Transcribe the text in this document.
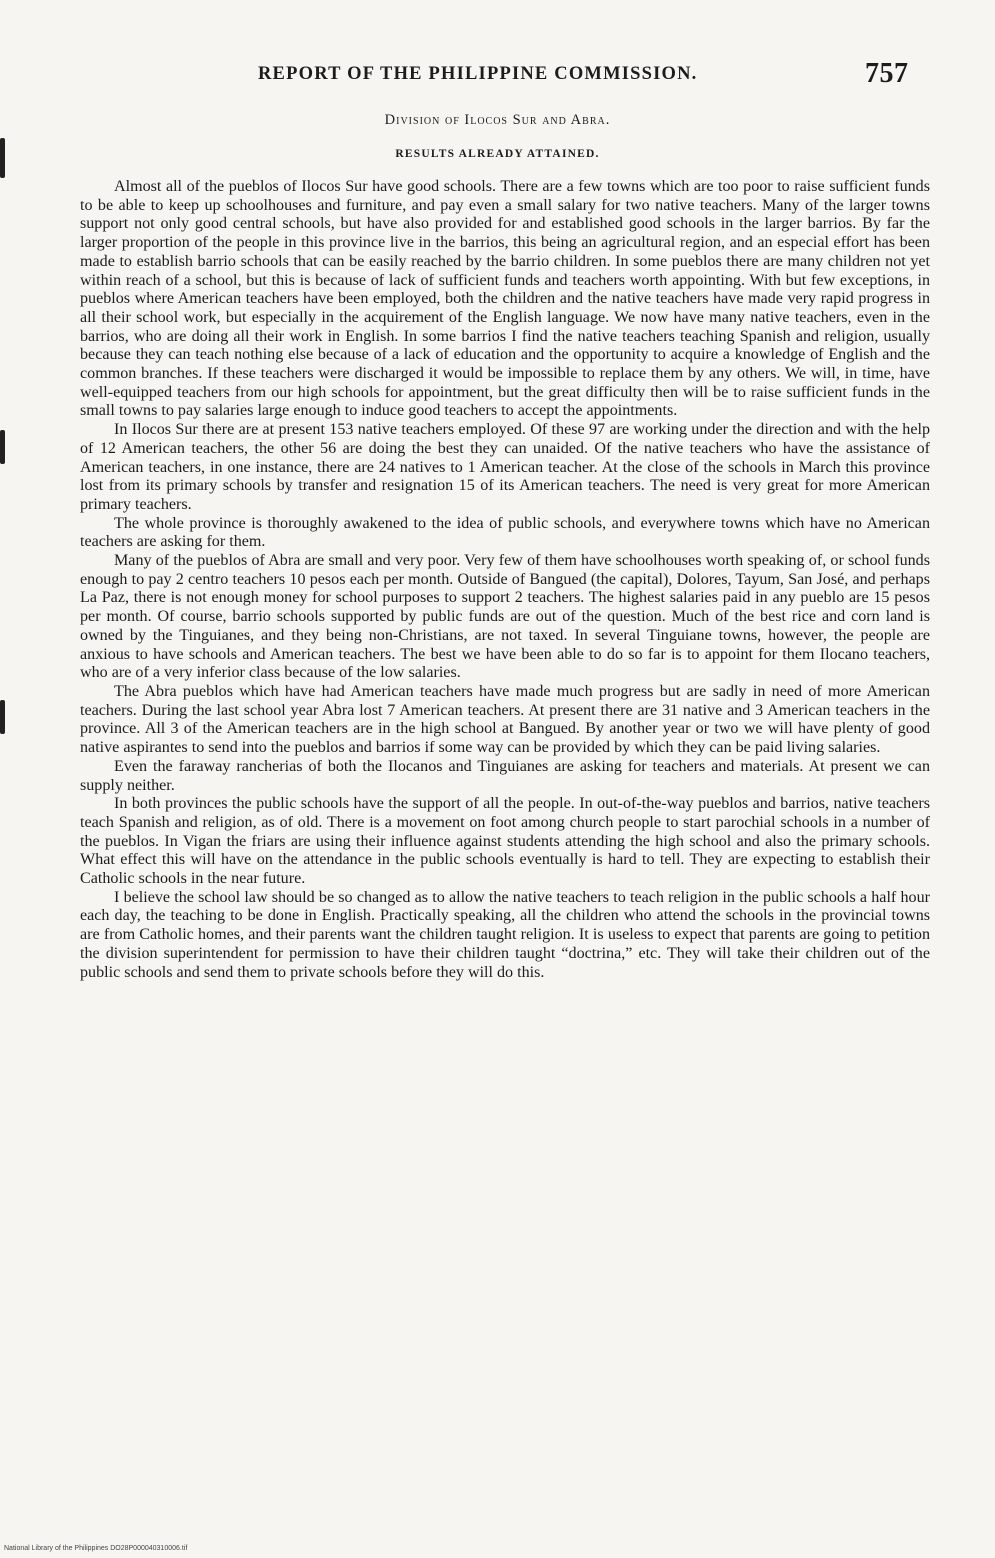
REPORT OF THE PHILIPPINE COMMISSION.	757
Division of Ilocos Sur and Abra.
RESULTS ALREADY ATTAINED.

Almost all of the pueblos of Ilocos Sur have good schools. There are a few towns which are too poor to raise sufficient funds to be able to keep up schoolhouses and furniture, and pay even a small salary for two native teachers. Many of the larger towns support not only good central schools, but have also provided for and established good schools in the larger barrios. By far the larger proportion of the people in this province live in the barrios, this being an agricultural region, and an especial effort has been made to establish barrio schools that can be easily reached by the barrio children. In some pueblos there are many children not yet within reach of a school, but this is because of lack of sufficient funds and teachers worth appointing. With but few exceptions, in pueblos where American teachers have been employed, both the children and the native teachers have made very rapid progress in all their school work, but especially in the acquirement of the English language. We now have many native teachers, even in the barrios, who are doing all their work in English. In some barrios I find the native teachers teaching Spanish and religion, usually because they can teach nothing else because of a lack of education and the opportunity to acquire a knowledge of English and the common branches. If these teachers were discharged it would be impossible to replace them by any others. We will, in time, have well-equipped teachers from our high schools for appointment, but the great difficulty then will be to raise sufficient funds in the small towns to pay salaries large enough to induce good teachers to accept the appointments.

In Ilocos Sur there are at present 153 native teachers employed. Of these 97 are working under the direction and with the help of 12 American teachers, the other 56 are doing the best they can unaided. Of the native teachers who have the assistance of American teachers, in one instance, there are 24 natives to 1 American teacher. At the close of the schools in March this province lost from its primary schools by transfer and resignation 15 of its American teachers. The need is very great for more American primary teachers.

The whole province is thoroughly awakened to the idea of public schools, and everywhere towns which have no American teachers are asking for them.

Many of the pueblos of Abra are small and very poor. Very few of them have schoolhouses worth speaking of, or school funds enough to pay 2 centro teachers 10 pesos each per month. Outside of Bangued (the capital), Dolores, Tayum, San José, and perhaps La Paz, there is not enough money for school purposes to support 2 teachers. The highest salaries paid in any pueblo are 15 pesos per month. Of course, barrio schools supported by public funds are out of the question. Much of the best rice and corn land is owned by the Tinguianes, and they being non-Christians, are not taxed. In several Tinguiane towns, however, the people are anxious to have schools and American teachers. The best we have been able to do so far is to appoint for them Ilocano teachers, who are of a very inferior class because of the low salaries.

The Abra pueblos which have had American teachers have made much progress but are sadly in need of more American teachers. During the last school year Abra lost 7 American teachers. At present there are 31 native and 3 American teachers in the province. All 3 of the American teachers are in the high school at Bangued. By another year or two we will have plenty of good native aspirantes to send into the pueblos and barrios if some way can be provided by which they can be paid living salaries.

Even the faraway rancherias of both the Ilocanos and Tinguianes are asking for teachers and materials. At present we can supply neither.

In both provinces the public schools have the support of all the people. In out-of-the-way pueblos and barrios, native teachers teach Spanish and religion, as of old. There is a movement on foot among church people to start parochial schools in a number of the pueblos. In Vigan the friars are using their influence against students attending the high school and also the primary schools. What effect this will have on the attendance in the public schools eventually is hard to tell. They are expecting to establish their Catholic schools in the near future.

I believe the school law should be so changed as to allow the native teachers to teach religion in the public schools a half hour each day, the teaching to be done in English. Practically speaking, all the children who attend the schools in the provincial towns are from Catholic homes, and their parents want the children taught religion. It is useless to expect that parents are going to petition the division superintendent for permission to have their children taught “doctrina,” etc. They will take their children out of the public schools and send them to private schools before they will do this.

National Library of the Philippines DO28P000040310006.tif
